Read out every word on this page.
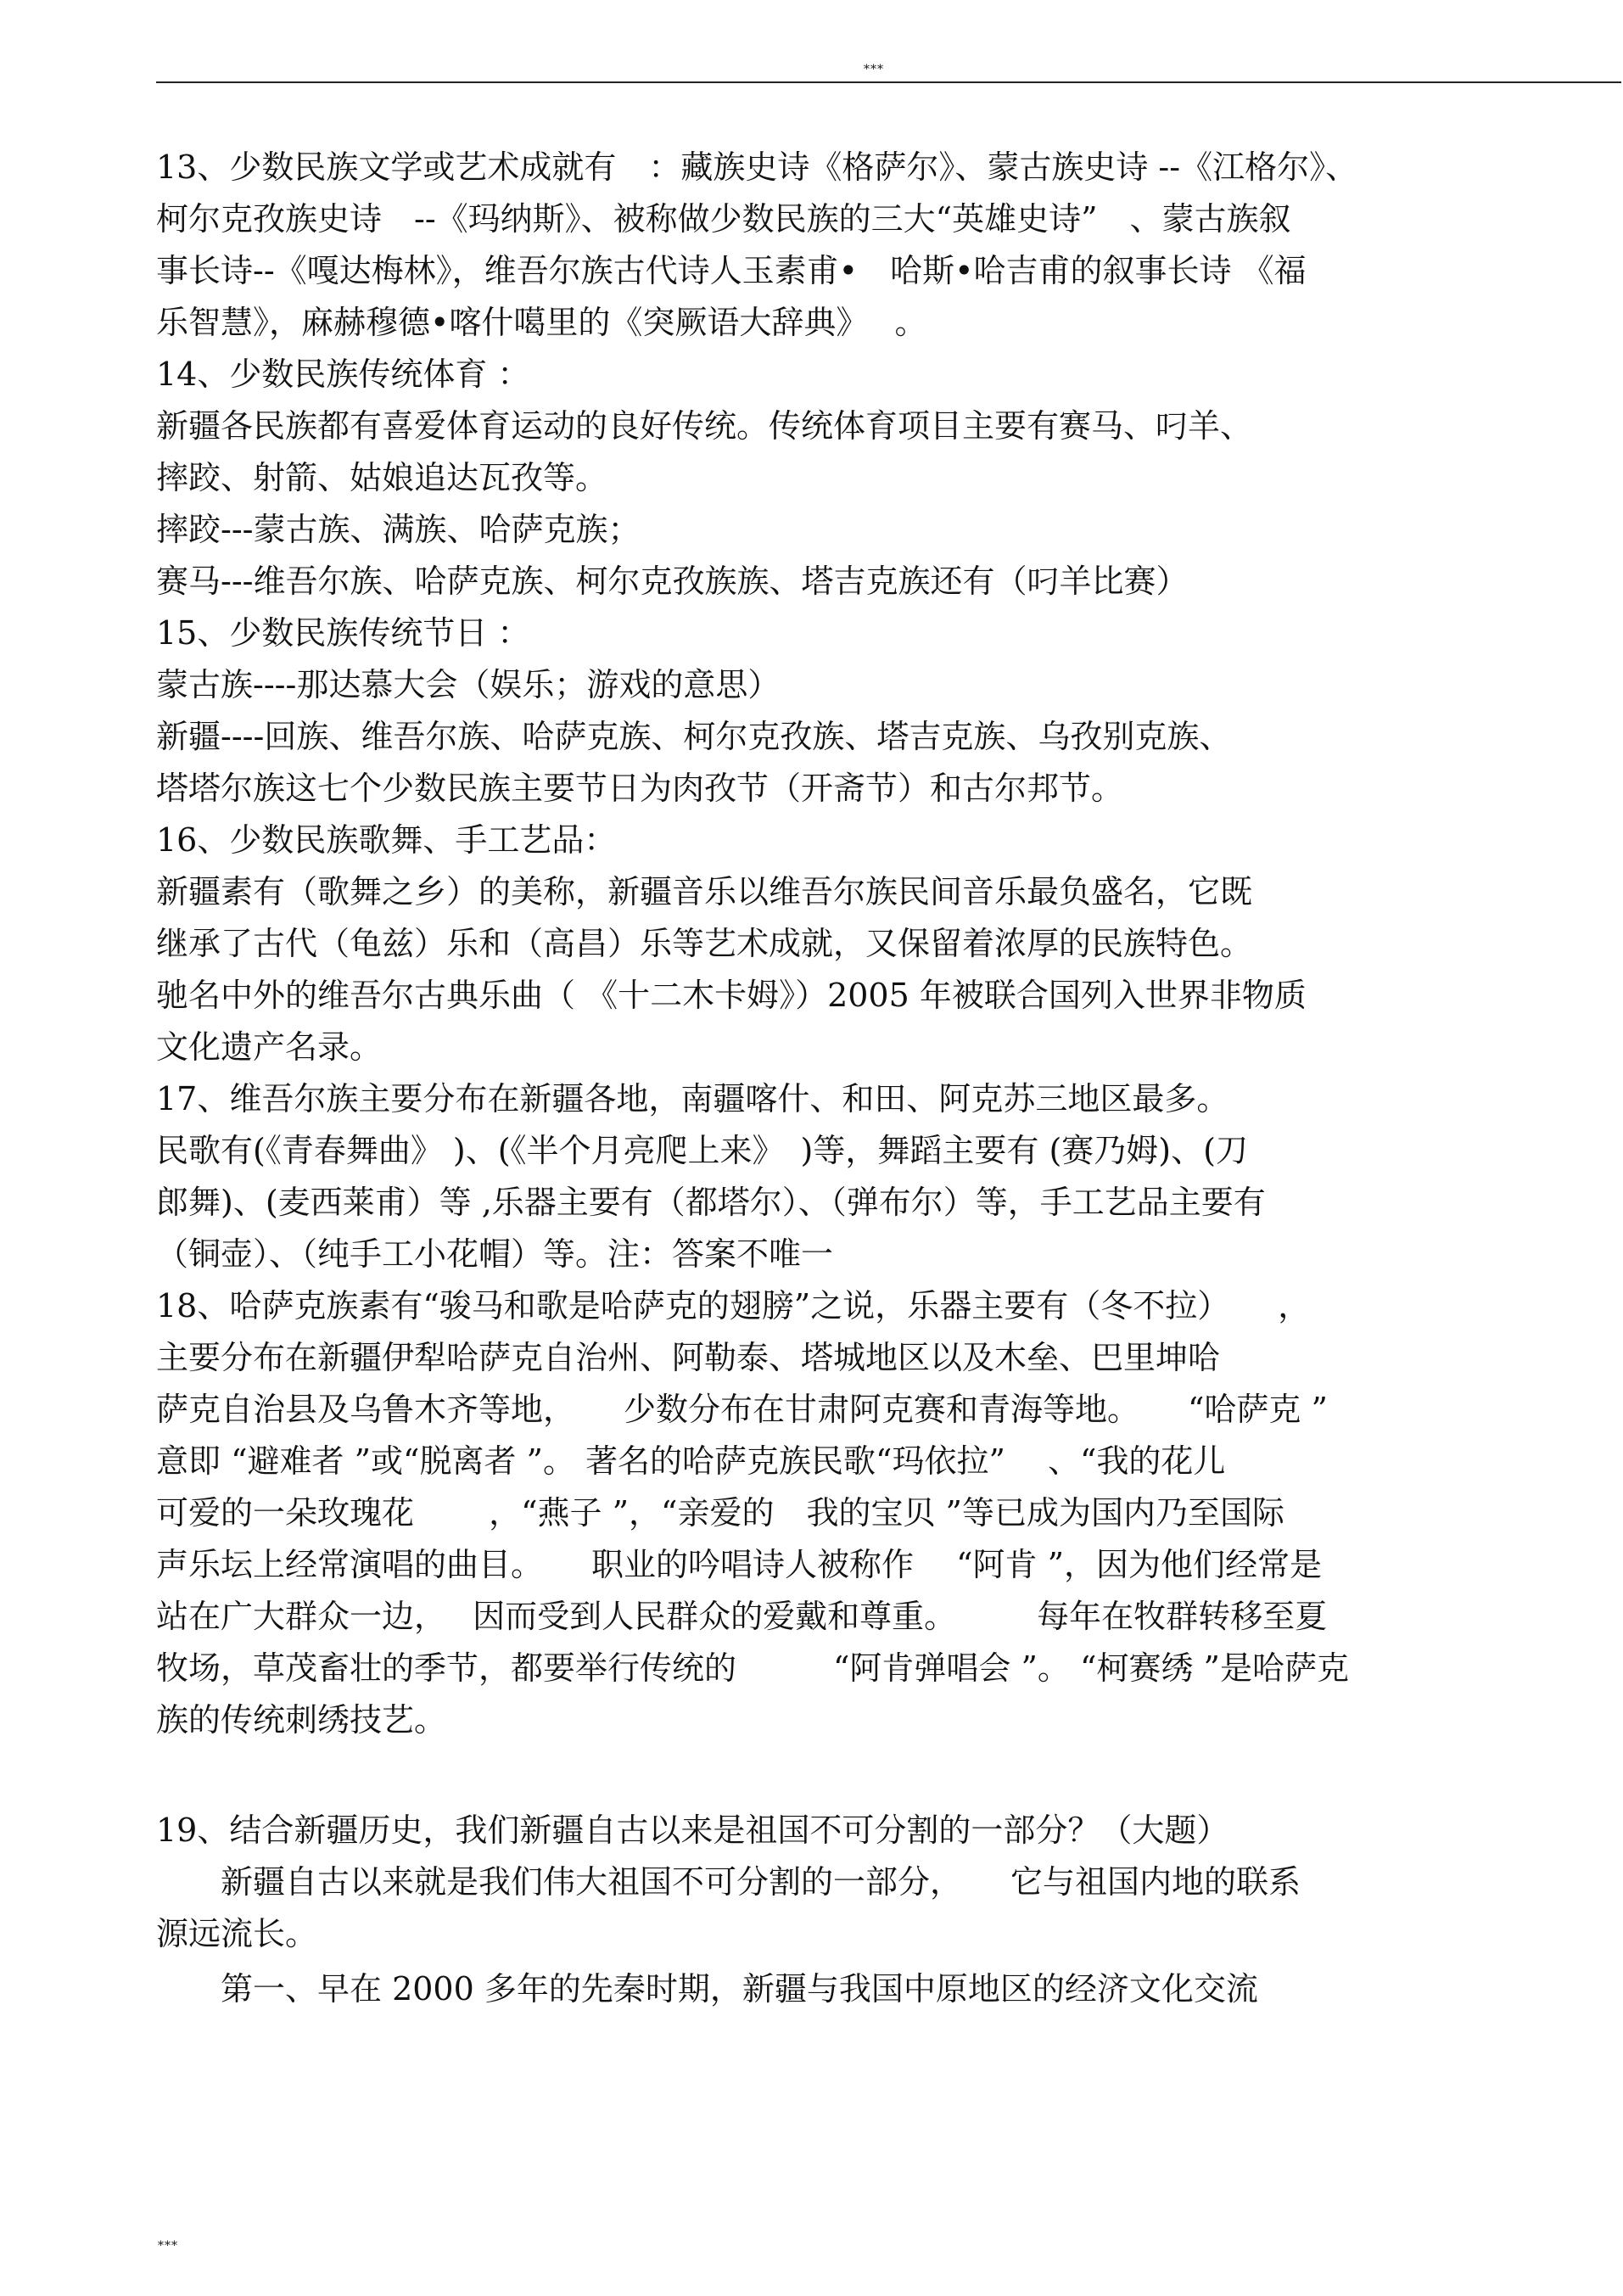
***
13、少数民族文学或艺术成就有　：藏族史诗《格萨尔》、蒙古族史诗 --《江格尔》、
柯尔克孜族史诗　--《玛纳斯》、被称做少数民族的三大“英雄史诗”　、蒙古族叙
事长诗--《嘎达梅林》，维吾尔族古代诗人玉素甫•　哈斯•哈吉甫的叙事长诗 《福
乐智慧》，麻赫穆德•喀什噶里的《突厥语大辞典》　 。
14、少数民族传统体育 ：
新疆各民族都有喜爱体育运动的良好传统。传统体育项目主要有赛马、叼羊、
摔跤、射箭、姑娘追达瓦孜等。
摔跤---蒙古族、满族、哈萨克族；
赛马---维吾尔族、哈萨克族、柯尔克孜族族、塔吉克族还有（叼羊比赛）
15、少数民族传统节日 ：
蒙古族----那达慕大会（娱乐；游戏的意思）
新疆----回族、维吾尔族、哈萨克族、柯尔克孜族、塔吉克族、乌孜别克族、
塔塔尔族这七个少数民族主要节日为肉孜节（开斋节）和古尔邦节。
16、少数民族歌舞、手工艺品：
新疆素有（歌舞之乡）的美称，新疆音乐以维吾尔族民间音乐最负盛名，它既
继承了古代（龟兹）乐和（高昌）乐等艺术成就，又保留着浓厚的民族特色。
驰名中外的维吾尔古典乐曲（ 《十二木卡姆》）2005 年被联合国列入世界非物质
文化遗产名录。
17、维吾尔族主要分布在新疆各地，南疆喀什、和田、阿克苏三地区最多。
民歌有(《青春舞曲》 )、(《半个月亮爬上来》　)等，舞蹈主要有 (赛乃姆)、(刀
郎舞)、(麦西莱甫）等 ,乐器主要有（都塔尔）、（弹布尔）等，手工艺品主要有
（铜壶）、（纯手工小花帽）等。注：答案不唯一
18、哈萨克族素有“骏马和歌是哈萨克的翅膀”之说，乐器主要有（冬不拉）　　，
主要分布在新疆伊犁哈萨克自治州、阿勒泰、塔城地区以及木垒、巴里坤哈
萨克自治县及乌鲁木齐等地，　　少数分布在甘肃阿克赛和青海等地。　　“哈萨克 ”
意即 “避难者 ”或“脱离者 ”。 著名的哈萨克族民歌“玛依拉”　 、“我的花儿
可爱的一朵玫瑰花　　 ，“燕子 ”，“亲爱的　我的宝贝 ”等已成为国内乃至国际
声乐坛上经常演唱的曲目。　　职业的吟唱诗人被称作　 “阿肯 ”，因为他们经常是
站在广大群众一边，　 因而受到人民群众的爱戴和尊重。　　　每年在牧群转移至夏
牧场，草茂畜壮的季节，都要举行传统的　　　“阿肯弹唱会 ”。 “柯赛绣 ”是哈萨克
族的传统刺绣技艺。
19、结合新疆历史，我们新疆自古以来是祖国不可分割的一部分？（大题）
　　新疆自古以来就是我们伟大祖国不可分割的一部分，　　它与祖国内地的联系
源远流长。
　　第一、早在 2000 多年的先秦时期，新疆与我国中原地区的经济文化交流
***
